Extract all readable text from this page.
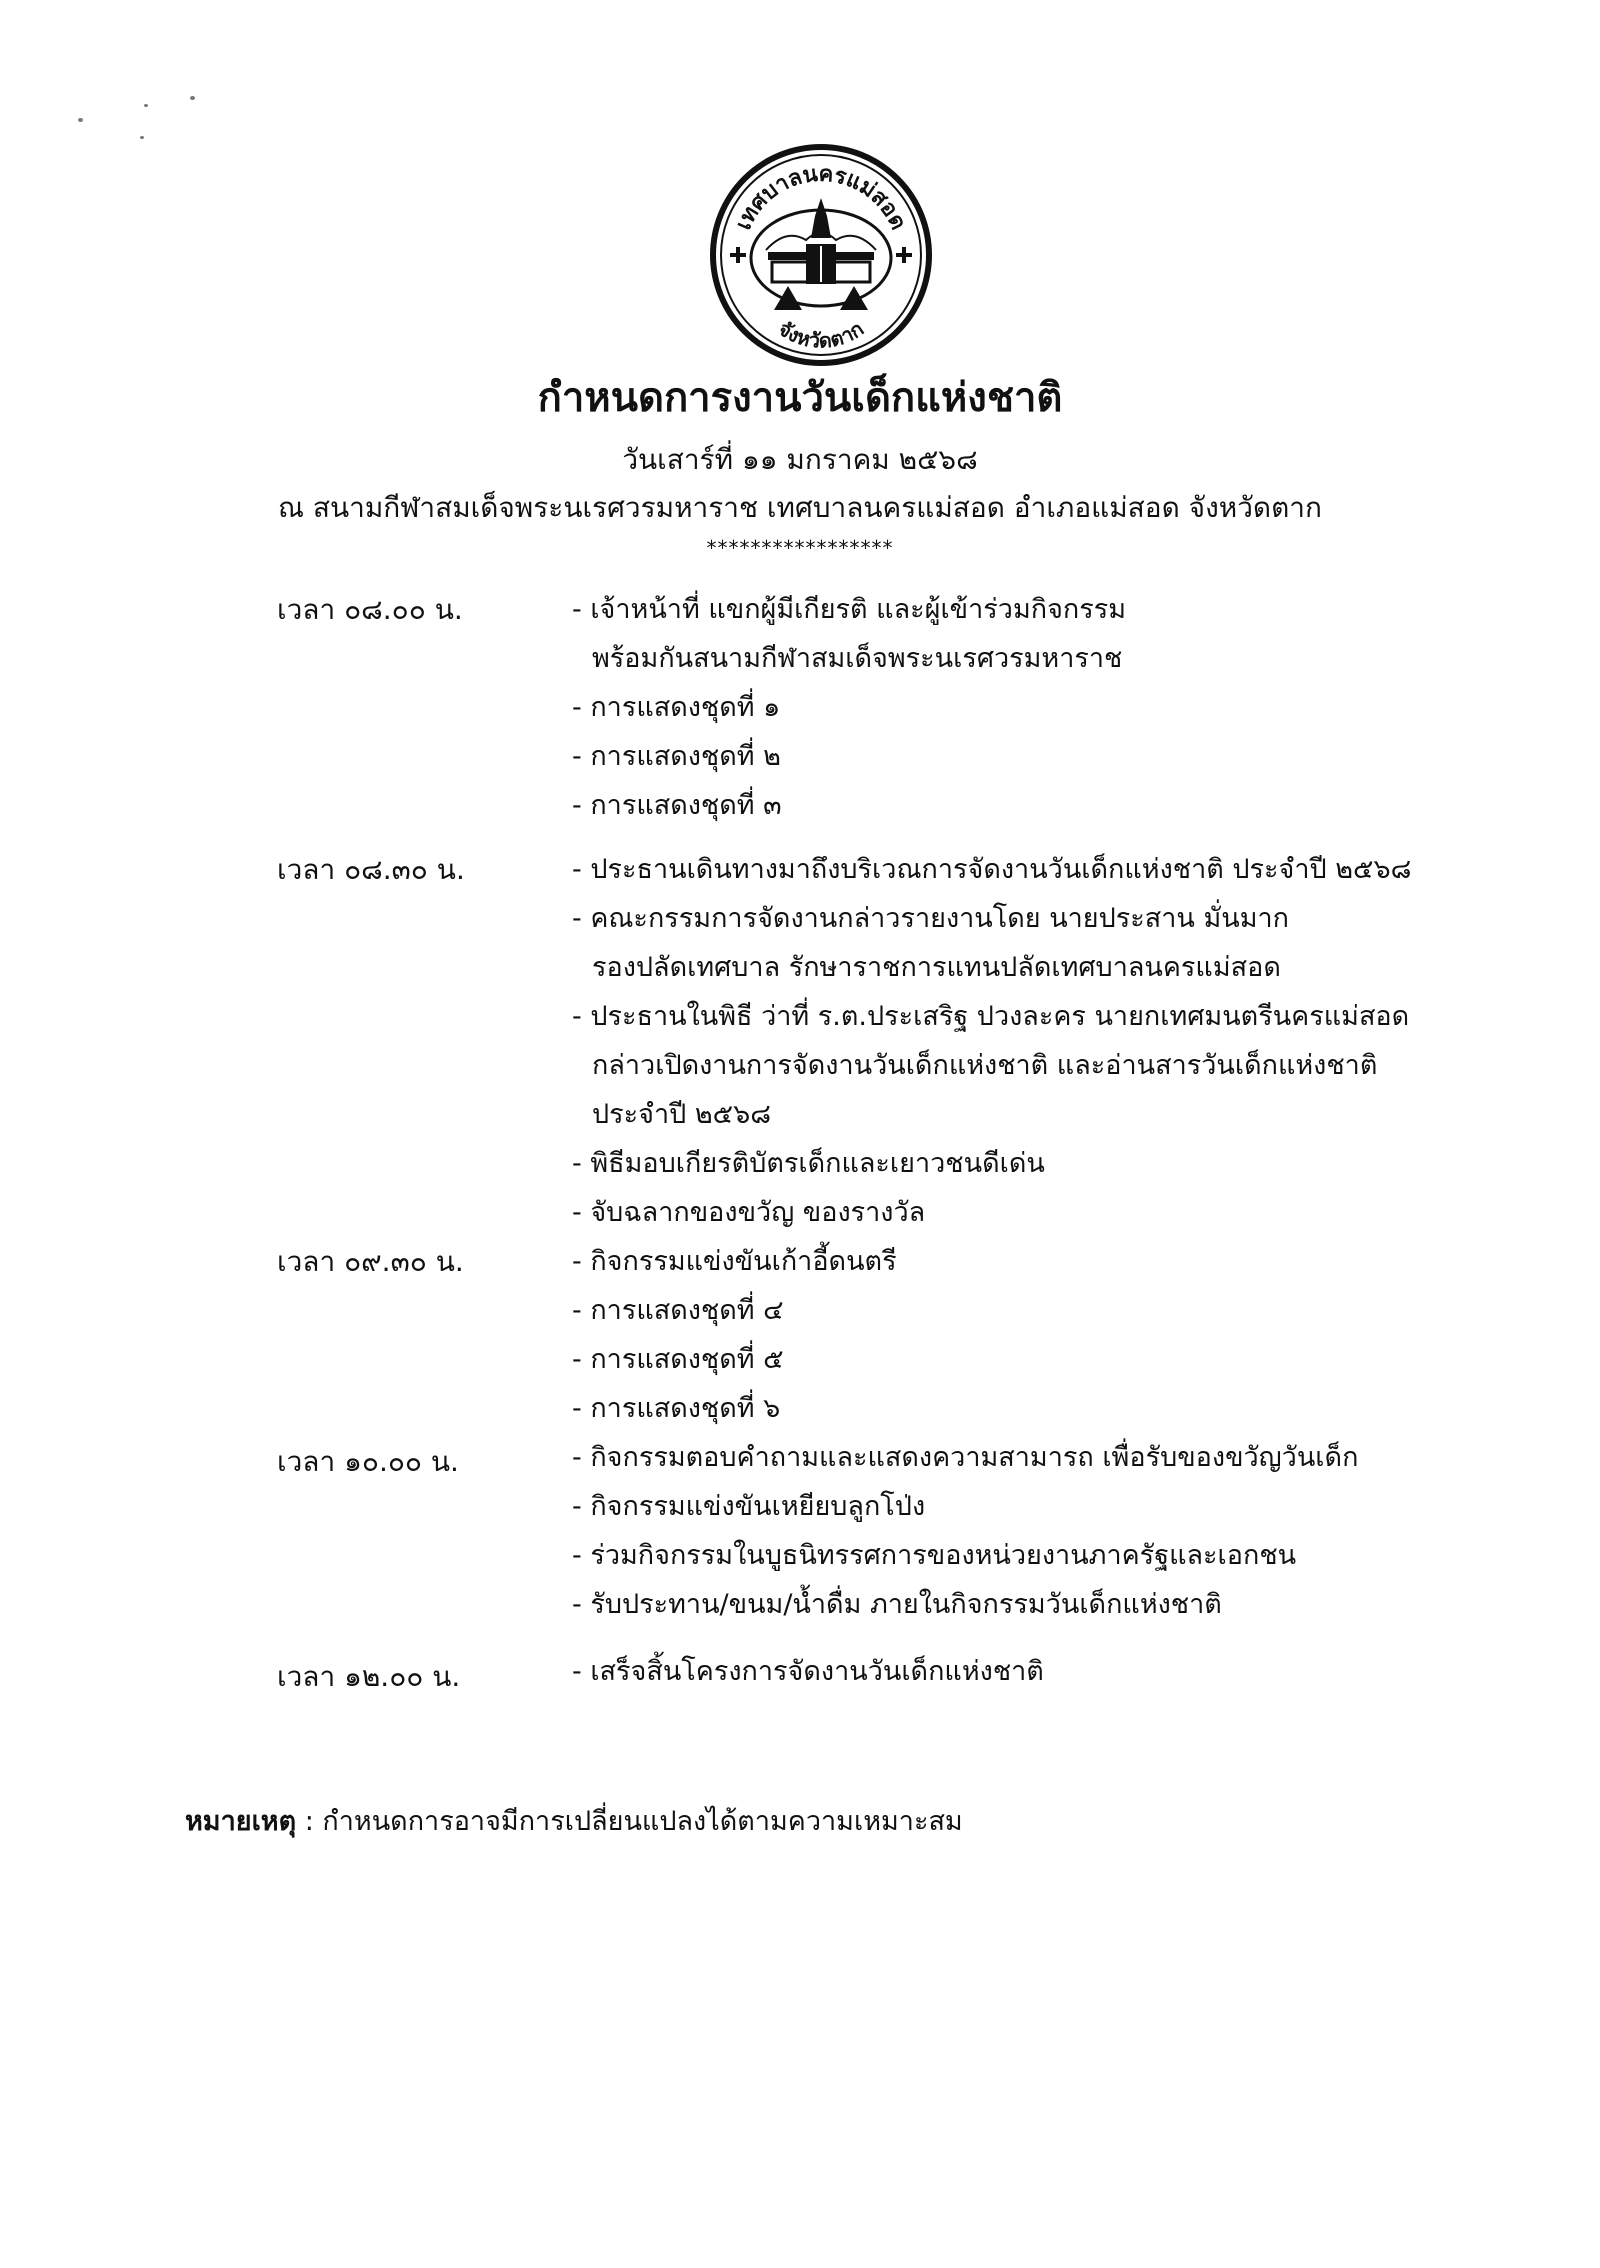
เทศบาลนครแม่สอด
จังหวัดตาก
กำหนดการงานวันเด็กแห่งชาติ
วันเสาร์ที่ ๑๑ มกราคม ๒๕๖๘
ณ สนามกีฬาสมเด็จพระนเรศวรมหาราช เทศบาลนครแม่สอด อำเภอแม่สอด จังหวัดตาก
*****************
เวลา ๐๘.๐๐ น.	- เจ้าหน้าที่ แขกผู้มีเกียรติ และผู้เข้าร่วมกิจกรรม
พร้อมกันสนามกีฬาสมเด็จพระนเรศวรมหาราช
- การแสดงชุดที่ ๑
- การแสดงชุดที่ ๒
- การแสดงชุดที่ ๓
เวลา ๐๘.๓๐ น.	- ประธานเดินทางมาถึงบริเวณการจัดงานวันเด็กแห่งชาติ ประจำปี ๒๕๖๘
- คณะกรรมการจัดงานกล่าวรายงานโดย นายประสาน มั่นมาก
รองปลัดเทศบาล รักษาราชการแทนปลัดเทศบาลนครแม่สอด
- ประธานในพิธี ว่าที่ ร.ต.ประเสริฐ ปวงละคร นายกเทศมนตรีนครแม่สอด
กล่าวเปิดงานการจัดงานวันเด็กแห่งชาติ และอ่านสารวันเด็กแห่งชาติ
ประจำปี ๒๕๖๘
- พิธีมอบเกียรติบัตรเด็กและเยาวชนดีเด่น
- จับฉลากของขวัญ ของรางวัล
เวลา ๐๙.๓๐ น.	- กิจกรรมแข่งขันเก้าอี้ดนตรี
- การแสดงชุดที่ ๔
- การแสดงชุดที่ ๕
- การแสดงชุดที่ ๖
เวลา ๑๐.๐๐ น.	- กิจกรรมตอบคำถามและแสดงความสามารถ เพื่อรับของขวัญวันเด็ก
- กิจกรรมแข่งขันเหยียบลูกโป่ง
- ร่วมกิจกรรมในบูธนิทรรศการของหน่วยงานภาครัฐและเอกชน
- รับประทาน/ขนม/น้ำดื่ม ภายในกิจกรรมวันเด็กแห่งชาติ
เวลา ๑๒.๐๐ น.	- เสร็จสิ้นโครงการจัดงานวันเด็กแห่งชาติ
หมายเหตุ : กำหนดการอาจมีการเปลี่ยนแปลงได้ตามความเหมาะสม
